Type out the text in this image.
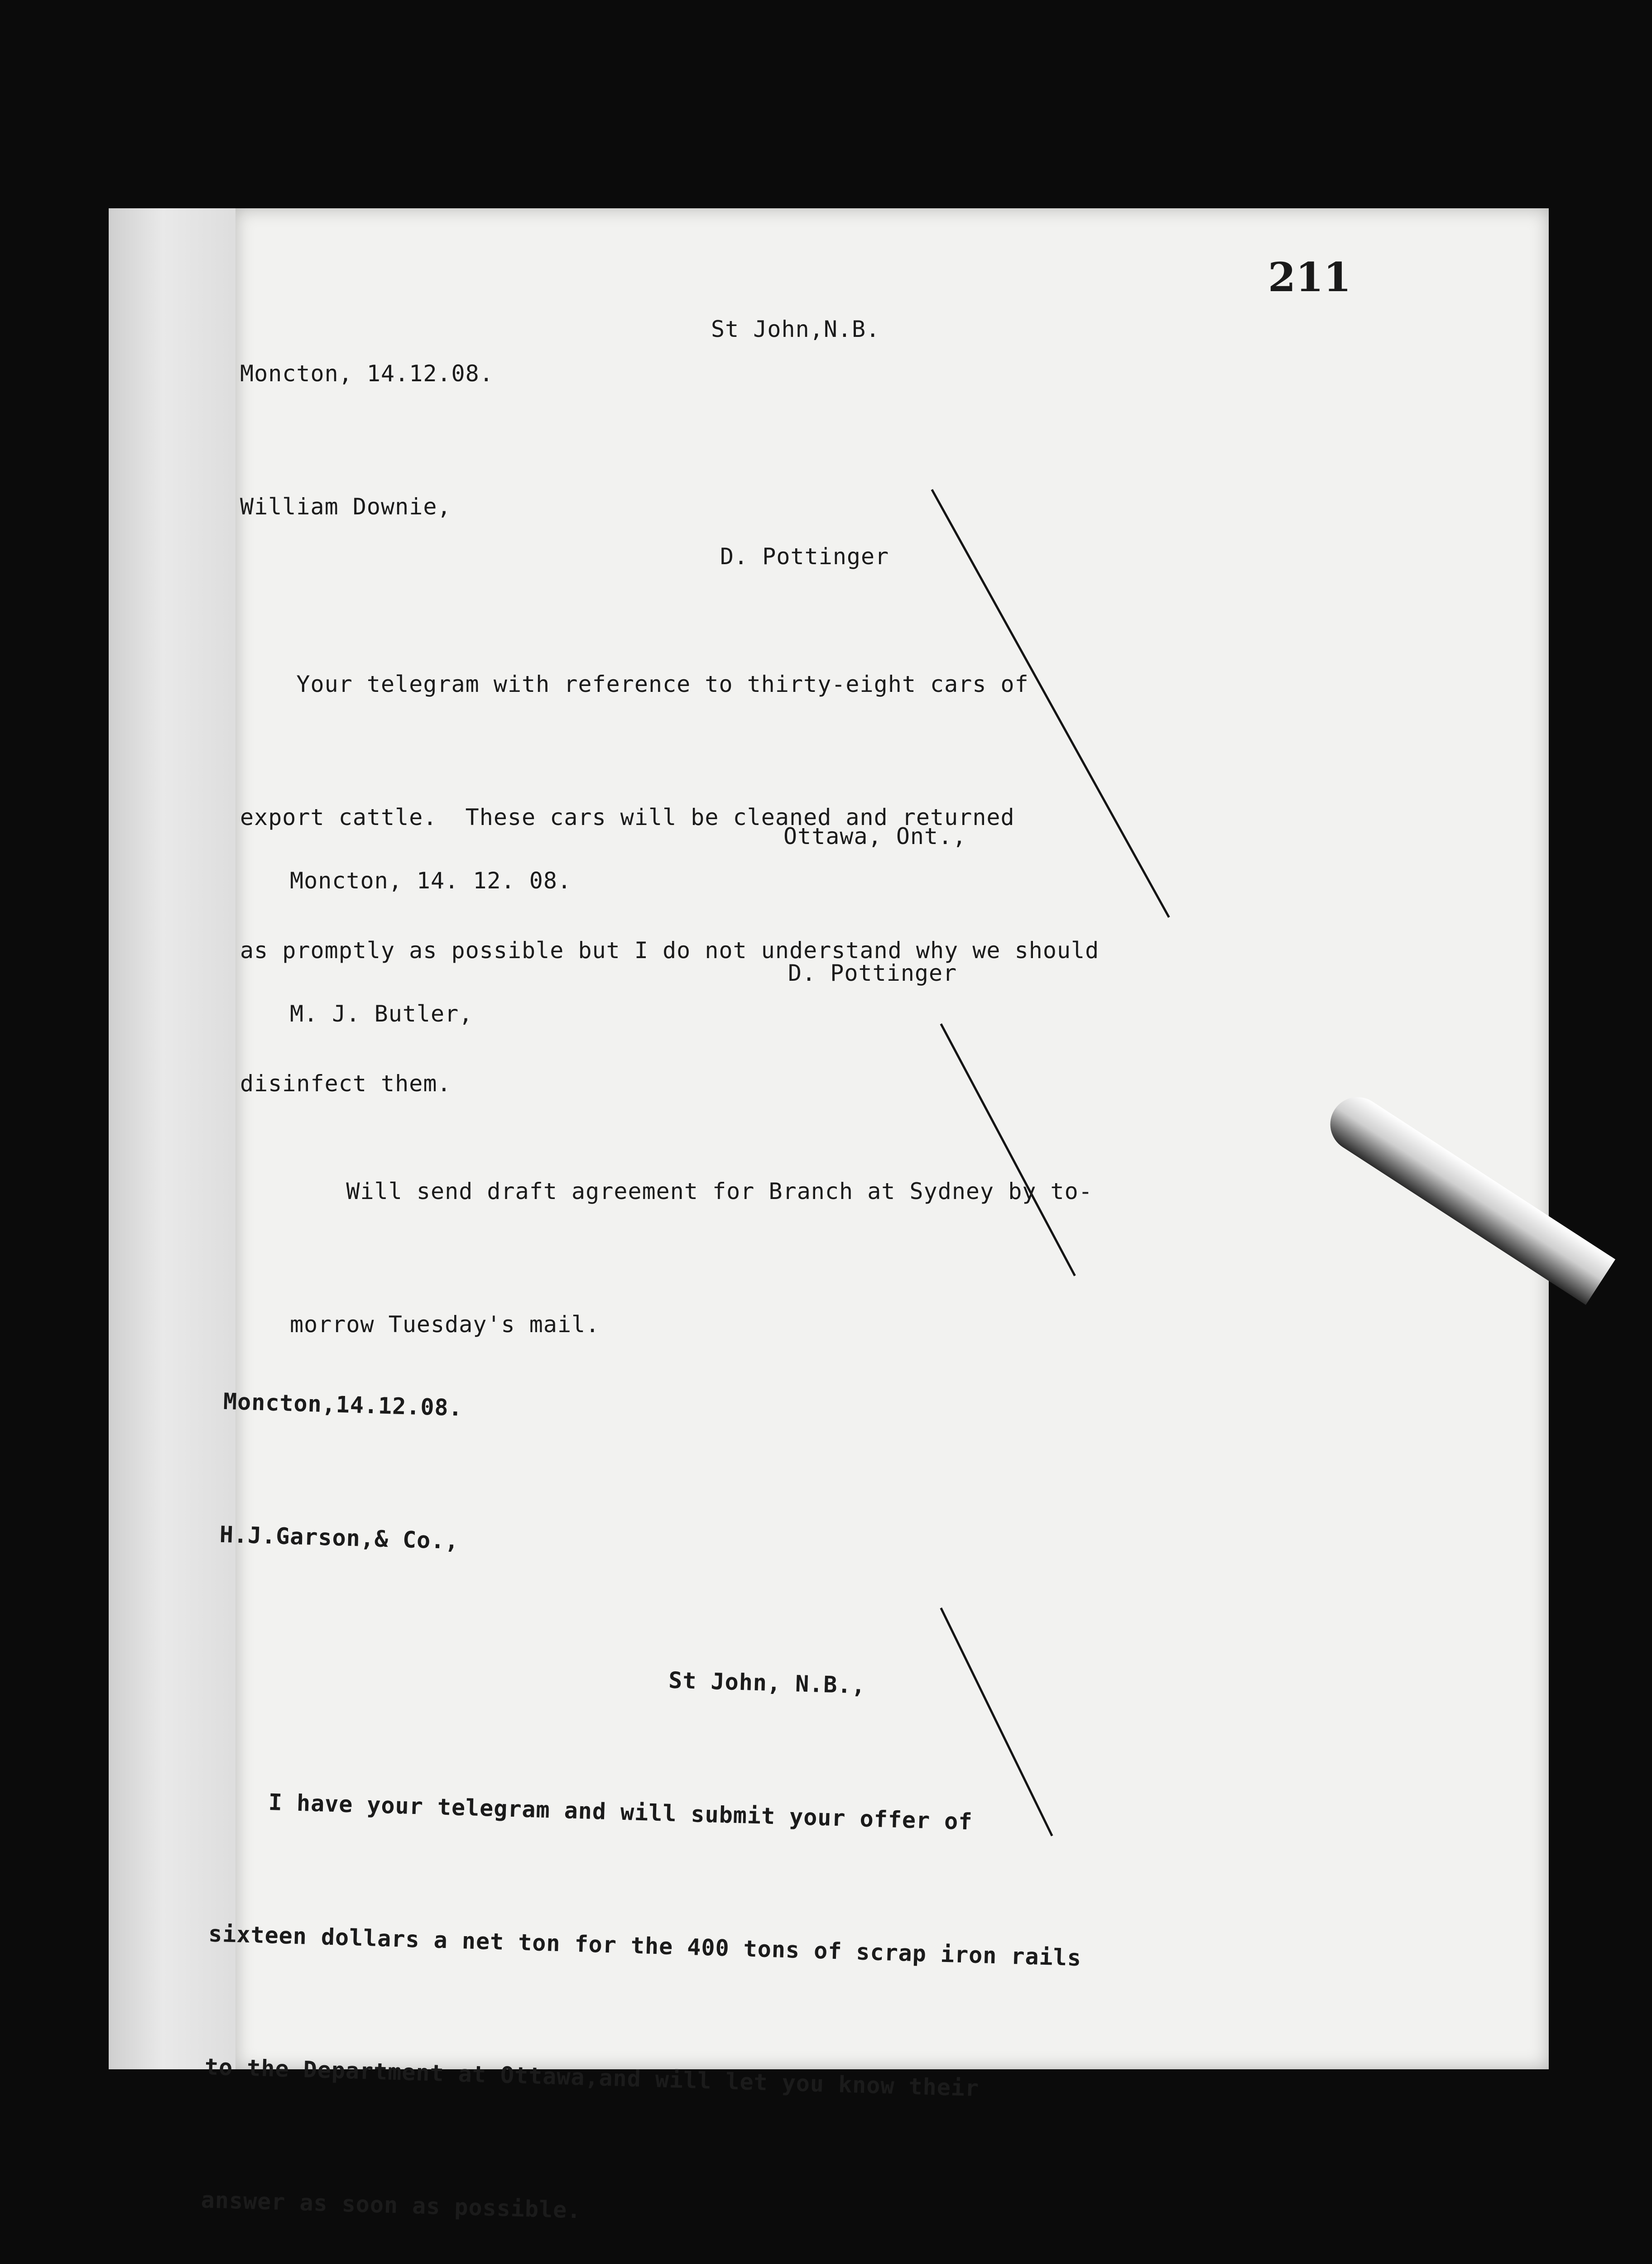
211

Moncton, 14.12.08.

William Downie,

St John,N.B.

Your telegram with reference to thirty-eight cars of

export cattle.  These cars will be cleaned and returned

as promptly as possible but I do not understand why we should

disinfect them.

D. Pottinger

Moncton, 14. 12. 08.

M. J. Butler,

Ottawa, Ont.,

Will send draft agreement for Branch at Sydney by to-

morrow Tuesday's mail.

D. Pottinger

Moncton,14.12.08.

H.J.Garson,& Co.,

St John, N.B.,

I have your telegram and will submit your offer of

sixteen dollars a net ton for the 400 tons of scrap iron rails

to the Department at Ottawa,and will let you know their

answer as soon as possible.
